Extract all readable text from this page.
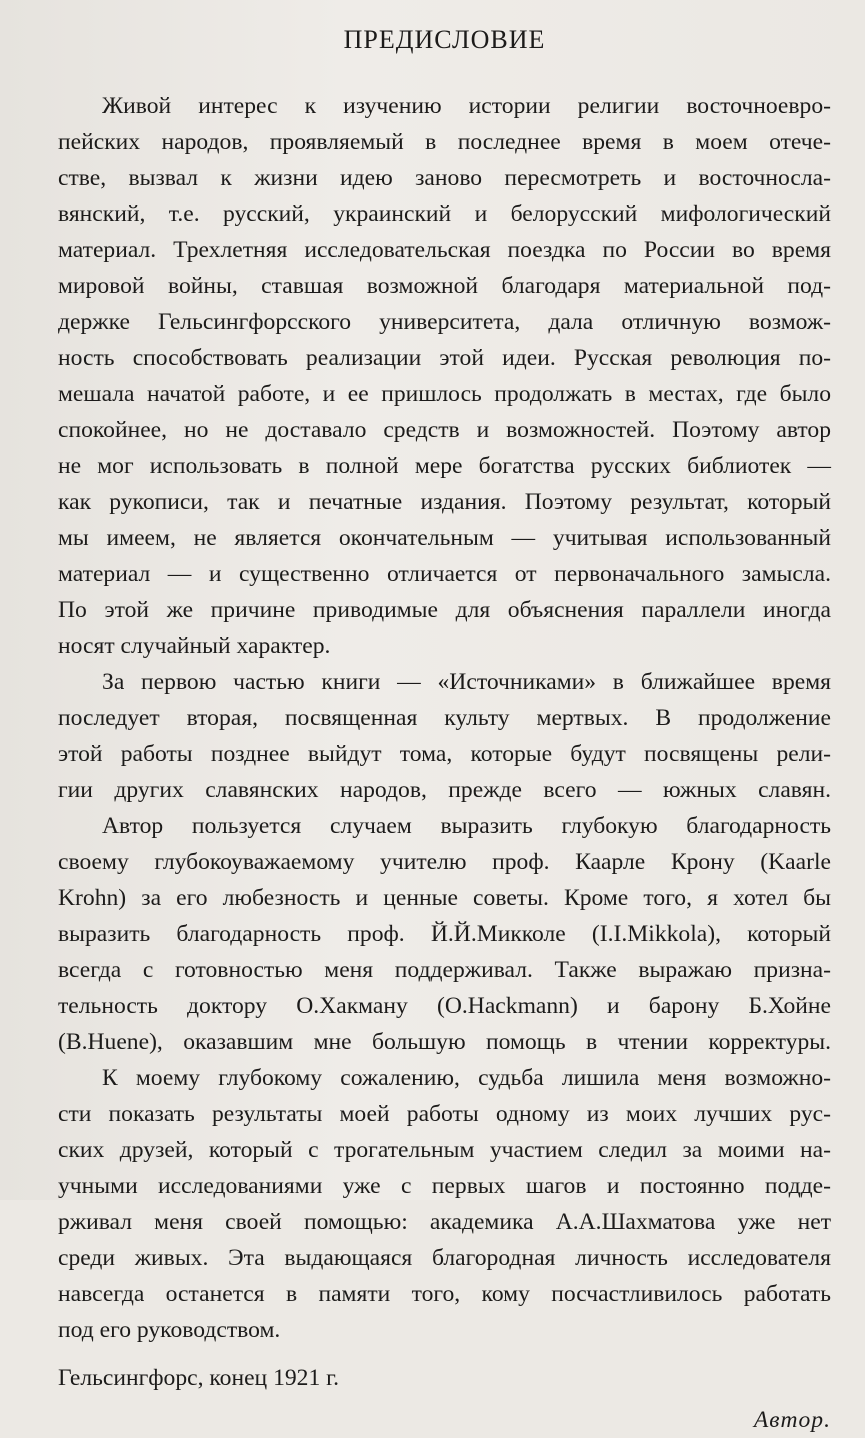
ПРЕДИСЛОВИЕ
Живой интерес к изучению истории религии восточноевро-
пейских народов, проявляемый в последнее время в моем отече-
стве, вызвал к жизни идею заново пересмотреть и восточносла-
вянский, т.е. русский, украинский и белорусский мифологический
материал. Трехлетняя исследовательская поездка по России во время
мировой войны, ставшая возможной благодаря материальной под-
держке Гельсингфорсского университета, дала отличную возмож-
ность способствовать реализации этой идеи. Русская революция по-
мешала начатой работе, и ее пришлось продолжать в местах, где было
спокойнее, но не доставало средств и возможностей. Поэтому автор
не мог использовать в полной мере богатства русских библиотек —
как рукописи, так и печатные издания. Поэтому результат, который
мы имеем, не является окончательным — учитывая использованный
материал — и существенно отличается от первоначального замысла.
По этой же причине приводимые для объяснения параллели иногда
носят случайный характер.
За первою частью книги — «Источниками» в ближайшее время
последует вторая, посвященная культу мертвых. В продолжение
этой работы позднее выйдут тома, которые будут посвящены рели-
гии других славянских народов, прежде всего — южных славян.
Автор пользуется случаем выразить глубокую благодарность
своему глубокоуважаемому учителю проф. Каарле Крону (Kaarle
Krohn) за его любезность и ценные советы. Кроме того, я хотел бы
выразить благодарность проф. Й.Й.Микколе (I.I.Mikkola), который
всегда с готовностью меня поддерживал. Также выражаю призна-
тельность доктору О.Хакману (O.Hackmann) и барону Б.Хойне
(B.Huene), оказавшим мне большую помощь в чтении корректуры.
К моему глубокому сожалению, судьба лишила меня возможно-
сти показать результаты моей работы одному из моих лучших рус-
ских друзей, который с трогательным участием следил за моими на-
учными исследованиями уже с первых шагов и постоянно подде-
рживал меня своей помощью: академика А.А.Шахматова уже нет
среди живых. Эта выдающаяся благородная личность исследователя
навсегда останется в памяти того, кому посчастливилось работать
под его руководством.
Гельсингфорс, конец 1921 г.
Автор.
